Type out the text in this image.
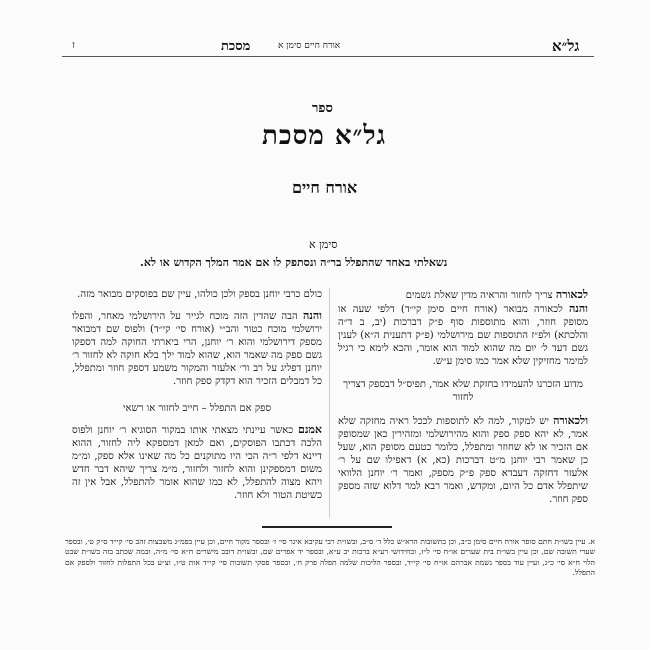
מסכת	אורח חיים סימן א	גל״א
ז
ספר
גל״א מסכת
אורח חיים
סימן א
נשאלתי באחד שהתפלל בר״ה ונסתפק לו אם אמר המלך הקדוש או לא.

לכאורה צריך לחזור והראיה מדין שאלת גשמים

והנה לכאורה מבואר (אורח חיים סימן קי״ד) דלפי שעה או מסופק חוזר, והוא מתוספות סוף פ״ק דברכות (יב, ב ד״ה והלכתא) ולפ״ז התוספות שם מירושלמי (פ״ק דתענית ה״א) לענין גשם דעד ל׳ יום מה שהוא למוד הוא אומר, והכא לימא כי רגיל למימר מחזיקין שלא אמר כמו סימן ע״ש.

מדוע הזכרנו להעמידו בחזקת שלא אמר, תפיס״ל דבספק דצריך לחזור

ולכאורה יש למקור, למה לא לתוספות לככל ראיה מחזקה שלא אמר, לא יהא ספק ספק והוא מהירושלמי ומזהירין כאן שמסופק אם הזכיר או לא שחוזר ומתפלל, כלומר כטעם מסופק הוא, שעל כן שאמר רבי יוחנן מ״ט דברכות (כא, א) דאפילו שם על ר׳ אלעזר דחזקה דעבדא ספק פ״ק מספק, ואמר ר׳ יוחנן הלוואי שיתפלל אדם כל היום, ומקדש, ואמר רבא למר דלוא שזה מספק ספק חוזר.

כולם כרבי יוחנן בספק ולכן כולהו, עיין שם בפוסקים מבואר מזה.

והנה הבה שהדין הזה מוכח לגייר על הירושלמי מאחר, והפלו ירושלמי מוכח כטור והב״י (אורח סי׳ קי״ד) ולפוס שם דמבואר מספק דירושלמי והוא ר׳ יוחנן, הרי ביארתי החוקה למה דספקו גשם ספק מה שאמר הוא, שהוא למוד ילך בלא חוקה לא לחזור ר׳ יוחנן דפליג על רב ור׳ אלעזר והמקור משמע דספק חוזר ומתפלל, כל דמבלים הזכיר הוא דקדק ספק חוזר.

ספק אם התפלל – חייב לחזור או רשאי

אמנם כאשר עיינתי מצאתי אותו במקור הסוגיא ר׳ יוחנן ולפוס הלכה דכתבו הפוסקים, ואם למאן דמספקא ליה לחזור, ההוא דיינא דלפי ר״ה הכי היו מתוקנים כל מה שאינו אלא ספק, ומ״מ משום דמספקינן והוא לחזור ולחזור, מ״מ צריך שיהא דבר חדש ויהא מצוה להתפלל, לא כמו שהוא אומר להתפלל, אבל אין זה כשיטת הטור ולא חוזר.

א. עיין בשו״ת חתם סופר אורח חיים סימן כ״ב, וכן בתשובות הרא״ש כלל ד׳ ס״ב, ובשו״ת רבי עקיבא איגר סי׳ ז׳ ובספר מקור חיים, וכן עיין בפמ״ג משבצות זהב סי׳ קי״ד ס״ק ט׳, ובספר שערי תשובה שם, וכן עיין בשו״ת בית שערים או״ח סי׳ ל״ז, ובחידושי רע״א ברכות יב ע״א, ובספר יד אפרים שם, ובשו״ת דובב מישרים ח״א סי׳ מ״ה, ובמה שכתב בזה בשו״ת שבט הלוי ח״א סי׳ כ״ג, ועיין עוד בספר נשמת אברהם או״ח סי׳ קי״ד, ובספר הליכות שלמה תפלה פרק ח׳, ובספר פסקי תשובות סי׳ קי״ד אות ט״ו, וצ״ע בכל התפלות לחזור ולספק אם התפלל.
